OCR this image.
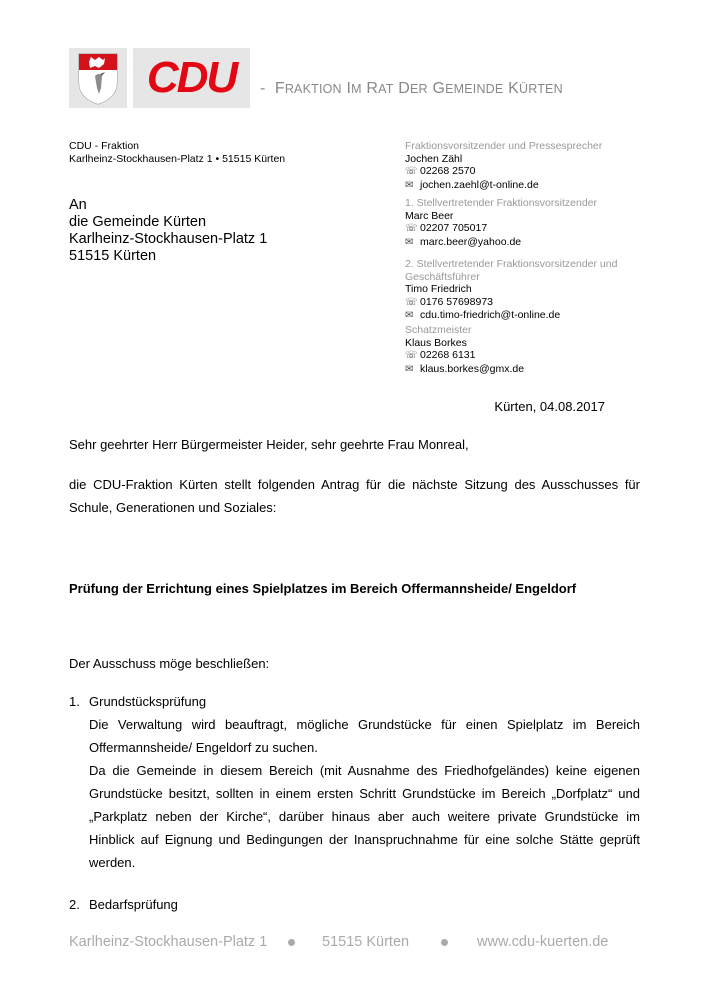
CDU	- FRAKTION IM RAT DER GEMEINDE KÜRTEN
CDU - Fraktion
Karlheinz-Stockhausen-Platz 1 • 51515 Kürten
An
die Gemeinde Kürten
Karlheinz-Stockhausen-Platz 1
51515 Kürten
Fraktionsvorsitzender und Pressesprecher
Jochen Zähl
☏ 02268 2570
✉ jochen.zaehl@t-online.de
1. Stellvertretender Fraktionsvorsitzender
Marc Beer
☏ 02207 705017
✉ marc.beer@yahoo.de
2. Stellvertretender Fraktionsvorsitzender und
Geschäftsführer
Timo Friedrich
☏ 0176 57698973
✉ cdu.timo-friedrich@t-online.de
Schatzmeister
Klaus Borkes
☏ 02268 6131
✉ klaus.borkes@gmx.de
Kürten, 04.08.2017
Sehr geehrter Herr Bürgermeister Heider, sehr geehrte Frau Monreal,
die CDU-Fraktion Kürten stellt folgenden Antrag für die nächste Sitzung des Ausschusses für Schule, Generationen und Soziales:
Prüfung der Errichtung eines Spielplatzes im Bereich Offermannsheide/ Engeldorf
Der Ausschuss möge beschließen:
1. Grundstücksprüfung

Die Verwaltung wird beauftragt, mögliche Grundstücke für einen Spielplatz im Bereich Offermannsheide/ Engeldorf zu suchen.

Da die Gemeinde in diesem Bereich (mit Ausnahme des Friedhofgeländes) keine eigenen Grundstücke besitzt, sollten in einem ersten Schritt Grundstücke im Bereich „Dorfplatz“ und „Parkplatz neben der Kirche“, darüber hinaus aber auch weitere private Grundstücke im Hinblick auf Eignung und Bedingungen der Inanspruchnahme für eine solche Stätte geprüft werden.

2. Bedarfsprüfung
Karlheinz-Stockhausen-Platz 1	51515 Kürten	www.cdu-kuerten.de
